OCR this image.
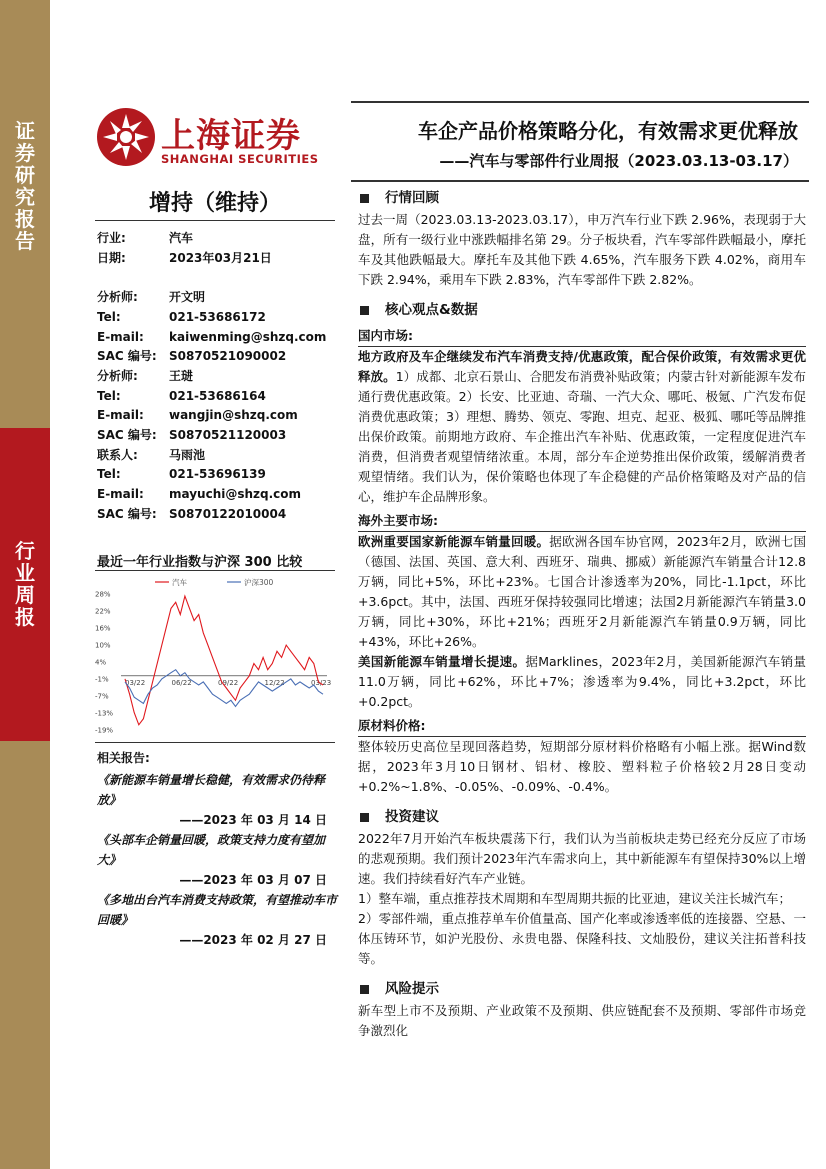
证券研究报告
行业周报
上海证券
SHANGHAI SECURITIES
车企产品价格策略分化，有效需求更优释放
——汽车与零部件行业周报（2023.03.13-03.17）
增持（维持）
行业:	汽车
日期:	2023年03月21日
分析师:	开文明
Tel:	021-53686172
E-mail:	kaiwenming@shzq.com
SAC 编号:	S0870521090002
分析师:	王琎
Tel:	021-53686164
E-mail:	wangjin@shzq.com
SAC 编号:	S0870521120003
联系人:	马雨池
Tel:	021-53696139
E-mail:	mayuchi@shzq.com
SAC 编号:	S0870122010004
最近一年行业指数与沪深 300 比较
汽车	沪深300
28%
22%
16%
10%
4%
-1%
-7%
-13%
-19%
03/22	06/22	09/22	12/22	03/23
相关报告:
《新能源车销量增长稳健，有效需求仍待释放》
——2023 年 03 月 14 日
《头部车企销量回暖，政策支持力度有望加大》
——2023 年 03 月 07 日
《多地出台汽车消费支持政策，有望推动车市回暖》
——2023 年 02 月 27 日
行情回顾

过去一周（2023.03.13-2023.03.17），申万汽车行业下跌 2.96%，表现弱于大盘，所有一级行业中涨跌幅排名第 29。分子板块看，汽车零部件跌幅最小，摩托车及其他跌幅最大。摩托车及其他下跌 4.65%，汽车服务下跌 4.02%，商用车下跌 2.94%，乘用车下跌 2.83%，汽车零部件下跌 2.82%。

核心观点&数据
国内市场:

地方政府及车企继续发布汽车消费支持/优惠政策，配合保价政策，有效需求更优释放。1）成都、北京石景山、合肥发布消费补贴政策；内蒙古针对新能源车发布通行费优惠政策。2）长安、比亚迪、奇瑞、一汽大众、哪吒、极氪、广汽发布促消费优惠政策；3）理想、腾势、领克、零跑、坦克、起亚、极狐、哪吒等品牌推出保价政策。前期地方政府、车企推出汽车补贴、优惠政策，一定程度促进汽车消费，但消费者观望情绪浓重。本周，部分车企逆势推出保价政策，缓解消费者观望情绪。我们认为，保价策略也体现了车企稳健的产品价格策略及对产品的信心，维护车企品牌形象。

海外主要市场:

欧洲重要国家新能源车销量回暖。据欧洲各国车协官网，2023年2月，欧洲七国（德国、法国、英国、意大利、西班牙、瑞典、挪威）新能源汽车销量合计12.8万辆，同比+5%，环比+23%。七国合计渗透率为20%，同比-1.1pct，环比+3.6pct。其中，法国、西班牙保持较强同比增速；法国2月新能源汽车销量3.0万辆，同比+30%，环比+21%；西班牙2月新能源汽车销量0.9万辆，同比+43%，环比+26%。

美国新能源车销量增长提速。据Marklines，2023年2月，美国新能源汽车销量11.0万辆，同比+62%，环比+7%；渗透率为9.4%，同比+3.2pct，环比+0.2pct。

原材料价格:

整体较历史高位呈现回落趋势，短期部分原材料价格略有小幅上涨。据Wind数据，2023年3月10日钢材、铝材、橡胶、塑料粒子价格较2月28日变动+0.2%~1.8%、-0.05%、-0.09%、-0.4%。

投资建议

2022年7月开始汽车板块震荡下行，我们认为当前板块走势已经充分反应了市场的悲观预期。我们预计2023年汽车需求向上，其中新能源车有望保持30%以上增速。我们持续看好汽车产业链。

1）整车端，重点推荐技术周期和车型周期共振的比亚迪，建议关注长城汽车；

2）零部件端，重点推荐单车价值量高、国产化率或渗透率低的连接器、空悬、一体压铸环节，如沪光股份、永贵电器、保隆科技、文灿股份，建议关注拓普科技等。

风险提示

新车型上市不及预期、产业政策不及预期、供应链配套不及预期、零部件市场竞争激烈化
